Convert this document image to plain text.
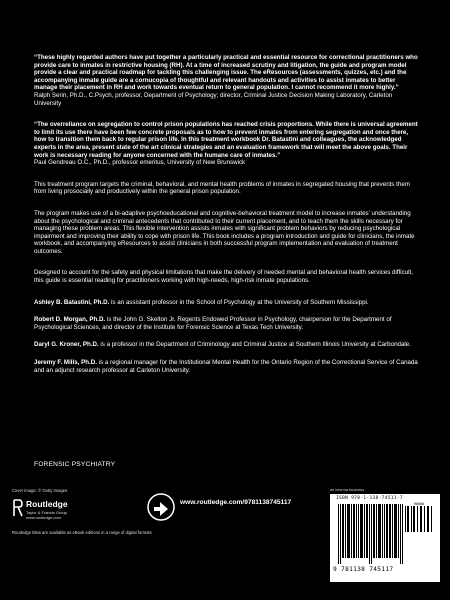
“These highly regarded authors have put together a particularly practical and essential resource for correctional practitioners who provide care to inmates in restrictive housing (RH). At a time of increased scrutiny and litigation, the guide and program model provide a clear and practical roadmap for tackling this challenging issue. The eResources (assessments, quizzes, etc.) and the accompanying inmate guide are a cornucopia of thoughtful and relevant handouts and activities to assist inmates to better manage their placement in RH and work towards eventual return to general population. I cannot recommend it more highly.”

Ralph Serin, Ph.D., C.Psych, professor, Department of Psychology; director, Criminal Justice Decision Making Laboratory, Carleton University

“The overreliance on segregation to control prison populations has reached crisis proportions. While there is universal agreement to limit its use there have been few concrete proposals as to how to prevent inmates from entering segregation and once there, how to transition them back to regular prison life. In this treatment workbook Dr. Batastini and colleagues, the acknowledged experts in the area, present state of the art clinical strategies and an evaluation framework that will meet the above goals. Their work is necessary reading for anyone concerned with the humane care of inmates.”

Paul Gendreau O.C., Ph.D., professor emeritus, University of New Brunswick

This treatment program targets the criminal, behavioral, and mental health problems of inmates in segregated housing that prevents them from living prosocially and productively within the general prison population.

The program makes use of a bi-adaptive psychoeducational and cognitive-behavioral treatment model to increase inmates’ understanding about the psychological and criminal antecedents that contributed to their current placement, and to teach them the skills necessary for managing these problem areas. This flexible intervention assists inmates with significant problem behaviors by reducing psychological impairment and improving their ability to cope with prison life. This book includes a program introduction and guide for clinicians, the inmate workbook, and accompanying eResources to assist clinicians in both successful program implementation and evaluation of treatment outcomes.

Designed to account for the safety and physical limitations that make the delivery of needed mental and behavioral health services difficult, this guide is essential reading for practitioners working with high-needs, high-risk inmate populations.

Ashley B. Batastini, Ph.D. is an assistant professor in the School of Psychology at the University of Southern Mississippi.

Robert D. Morgan, Ph.D. is the John G. Skelton Jr. Regents Endowed Professor in Psychology, chairperson for the Department of Psychological Sciences, and director of the Institute for Forensic Science at Texas Tech University.

Daryl G. Kroner, Ph.D. is a professor in the Department of Criminology and Criminal Justice at Southern Illinois University at Carbondale.

Jeremy F. Mills, Ph.D. is a regional manager for the Institutional Mental Health for the Ontario Region of the Correctional Service of Canada and an adjunct research professor at Carleton University.

FORENSIC PSYCHIATRY
Cover image: © Getty Images
Routledge
Taylor & Francis Group
www.routledge.com
Routledge titles are available as eBook editions in a range of digital formats
www.routledge.com/9781138745117
an informa business
ISBN 978-1-138-74511-7
90000
9 781138 745117
